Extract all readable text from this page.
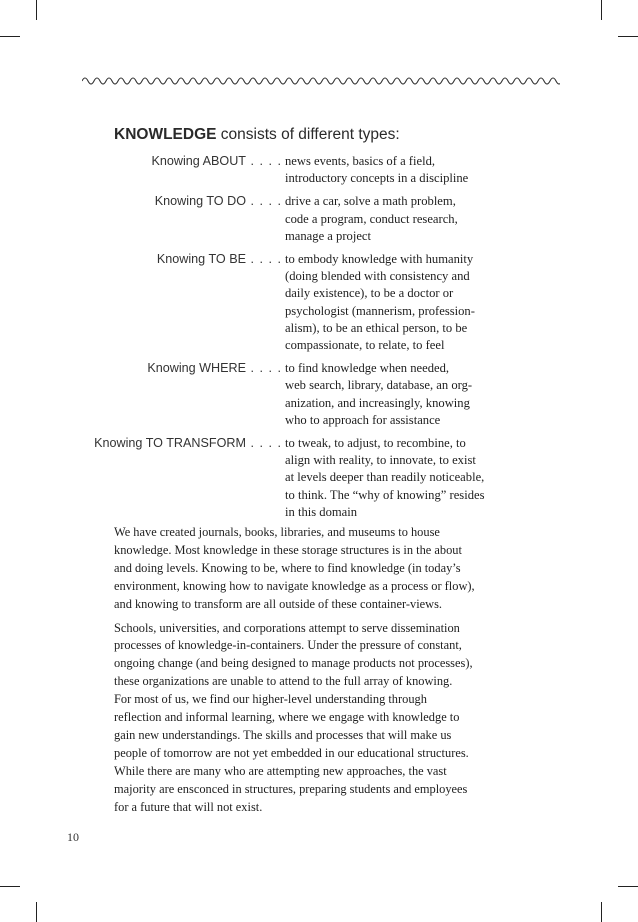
KNOWLEDGE consists of different types:
Knowing ABOUT . . . . news events, basics of a field,
introductory concepts in a discipline
Knowing TO DO . . . . drive a car, solve a math problem,
code a program, conduct research,
manage a project
Knowing TO BE . . . . to embody knowledge with humanity
(doing blended with consistency and
daily existence), to be a doctor or
psychologist (mannerism, profession-
alism), to be an ethical person, to be
compassionate, to relate, to feel
Knowing WHERE . . . . to find knowledge when needed,
web search, library, database, an org-
anization, and increasingly, knowing
who to approach for assistance
Knowing TO TRANSFORM . . . . to tweak, to adjust, to recombine, to
align with reality, to innovate, to exist
at levels deeper than readily noticeable,
to think. The “why of knowing” resides
in this domain

We have created journals, books, libraries, and museums to house
knowledge. Most knowledge in these storage structures is in the about
and doing levels. Knowing to be, where to find knowledge (in today’s
environment, knowing how to navigate knowledge as a process or flow),
and knowing to transform are all outside of these container-views.

Schools, universities, and corporations attempt to serve dissemination
processes of knowledge-in-containers. Under the pressure of constant,
ongoing change (and being designed to manage products not processes),
these organizations are unable to attend to the full array of knowing.
For most of us, we find our higher-level understanding through
reflection and informal learning, where we engage with knowledge to
gain new understandings. The skills and processes that will make us
people of tomorrow are not yet embedded in our educational structures.
While there are many who are attempting new approaches, the vast
majority are ensconced in structures, preparing students and employees
for a future that will not exist.

10
